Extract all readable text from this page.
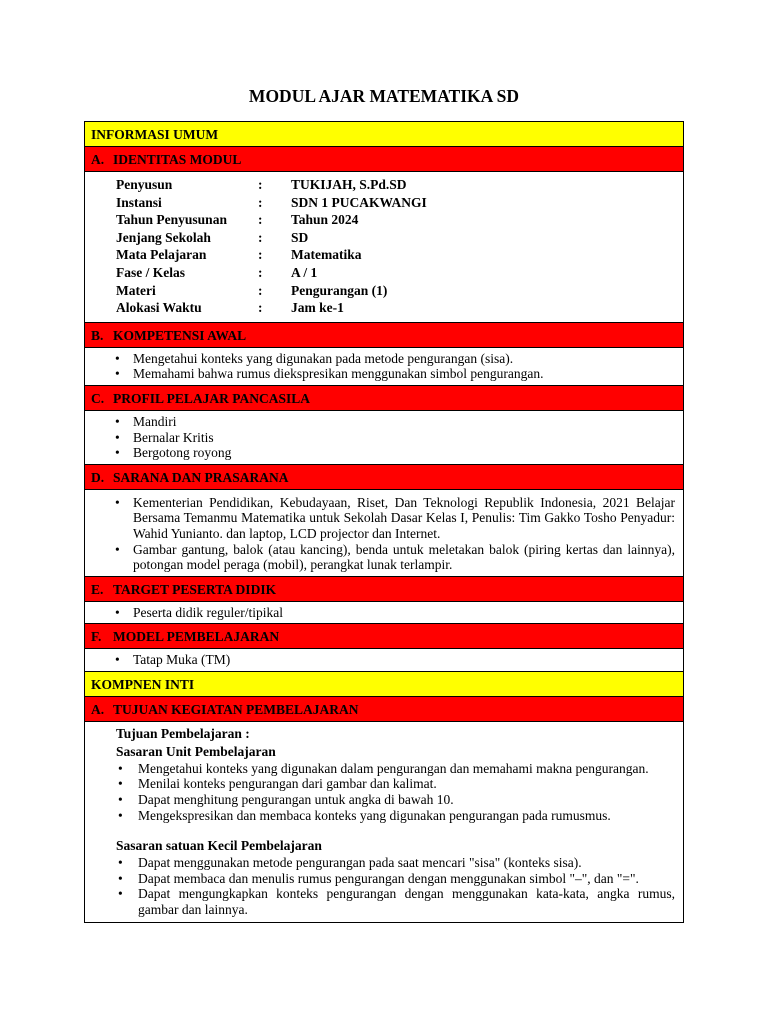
MODUL AJAR MATEMATIKA SD
INFORMASI UMUM
A. IDENTITAS MODUL
Penyusun	: TUKIJAH, S.Pd.SD
Instansi	: SDN 1 PUCAKWANGI
Tahun Penyusunan : Tahun 2024
Jenjang Sekolah	: SD
Mata Pelajaran	: Matematika
Fase / Kelas	: A / 1
Materi	: Pengurangan (1)
Alokasi Waktu	: Jam ke-1
B. KOMPETENSI AWAL
• Mengetahui konteks yang digunakan pada metode pengurangan (sisa).
• Memahami bahwa rumus diekspresikan menggunakan simbol pengurangan.
C. PROFIL PELAJAR PANCASILA
• Mandiri
• Bernalar Kritis
• Bergotong royong
D. SARANA DAN PRASARANA
• Kementerian Pendidikan, Kebudayaan, Riset, Dan Teknologi Republik Indonesia, 2021 Belajar Bersama Temanmu Matematika untuk Sekolah Dasar Kelas I, Penulis: Tim Gakko Tosho Penyadur: Wahid Yunianto. dan laptop, LCD projector dan Internet.
• Gambar gantung, balok (atau kancing), benda untuk meletakan balok (piring kertas dan lainnya), potongan model peraga (mobil), perangkat lunak terlampir.
E. TARGET PESERTA DIDIK
• Peserta didik reguler/tipikal
F. MODEL PEMBELAJARAN
• Tatap Muka (TM)
KOMPNEN INTI
A. TUJUAN KEGIATAN PEMBELAJARAN
Tujuan Pembelajaran :
Sasaran Unit Pembelajaran
• Mengetahui konteks yang digunakan dalam pengurangan dan memahami makna pengurangan.
• Menilai konteks pengurangan dari gambar dan kalimat.
• Dapat menghitung pengurangan untuk angka di bawah 10.
• Mengekspresikan dan membaca konteks yang digunakan pengurangan pada rumusmus.
Sasaran satuan Kecil Pembelajaran
• Dapat menggunakan metode pengurangan pada saat mencari "sisa" (konteks sisa).
• Dapat membaca dan menulis rumus pengurangan dengan menggunakan simbol "–", dan "=".
• Dapat mengungkapkan konteks pengurangan dengan menggunakan kata-kata, angka rumus, gambar dan lainnya.
